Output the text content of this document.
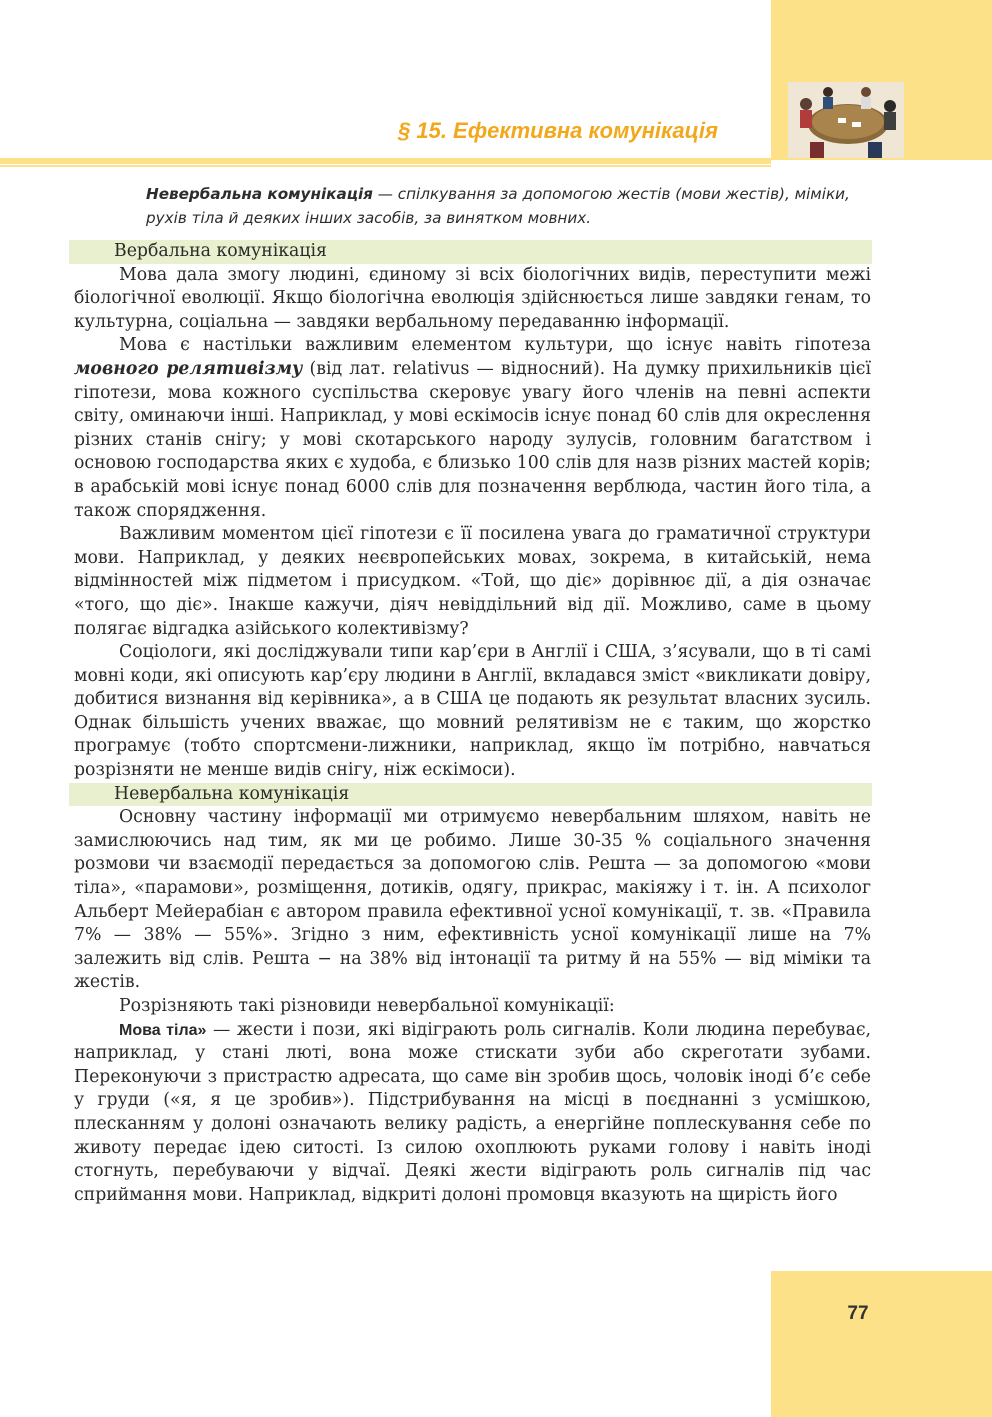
§ 15. Ефективна комунікація
Невербальна комунікація — спілкування за допомогою жестів (мови жестів), міміки, рухів тіла й деяких інших засобів, за винятком мовних.
Вербальна комунікація

Мова дала змогу людині, єдиному зі всіх біологічних видів, переступити межі біологічної еволюції. Якщо біологічна еволюція здійснюється лише завдяки генам, то культурна, соціальна — завдяки вербальному передаванню інформації.

Мова є настільки важливим елементом культури, що існує навіть гіпотеза мовного релятивізму (від лат. relativus — відносний). На думку прихильників цієї гіпотези, мова кожного суспільства скеровує увагу його членів на певні аспекти світу, оминаючи інші. Наприклад, у мові ескімосів існує понад 60 слів для окреслення різних станів снігу; у мові скотарського народу зулусів, головним багатством і основою господарства яких є худоба, є близько 100 слів для назв різних мастей корів; в арабській мові існує понад 6000 слів для позначення верблюда, частин його тіла, а також спорядження.

Важливим моментом цієї гіпотези є її посилена увага до граматичної структури мови. Наприклад, у деяких неєвропейських мовах, зокрема, в китайській, нема відмінностей між підметом і присудком. «Той, що діє» дорівнює дії, а дія означає «того, що діє». Інакше кажучи, діяч невіддільний від дії. Можливо, саме в цьому полягає відгадка азійського колективізму?

Соціологи, які досліджували типи кар’єри в Англії і США, з’ясували, що в ті самі мовні коди, які описують кар’єру людини в Англії, вкладався зміст «викликати довіру, добитися визнання від керівника», а в США це подають як результат власних зусиль. Однак більшість учених вважає, що мовний релятивізм не є таким, що жорстко програмує (тобто спортсмени-лижники, наприклад, якщо їм потрібно, навчаться розрізняти не менше видів снігу, ніж ескімоси).

Невербальна комунікація

Основну частину інформації ми отримуємо невербальним шляхом, навіть не замислюючись над тим, як ми це робимо. Лише 30-35 % соціального значення розмови чи взаємодії передається за допомогою слів. Решта — за допомогою «мови тіла», «парамови», розміщення, дотиків, одягу, прикрас, макіяжу і т. ін. А психолог Альберт Мейерабіан є автором правила ефективної усної комунікації, т. зв. «Правила 7% — 38% — 55%». Згідно з ним, ефективність усної комунікації лише на 7% залежить від слів. Решта − на 38% від інтонації та ритму й на 55% — від міміки та жестів.

Розрізняють такі різновиди невербальної комунікації:

Мова тіла» — жести і пози, які відіграють роль сигналів. Коли людина перебуває, наприклад, у стані люті, вона може стискати зуби або скреготати зубами. Переконуючи з пристрастю адресата, що саме він зробив щось, чоловік іноді б’є себе у груди («я, я це зробив»). Підстрибування на місці в поєднанні з усмішкою, плесканням у долоні означають велику радість, а енергійне поплескування себе по животу передає ідею ситості. Із силою охоплюють руками голову і навіть іноді стогнуть, перебуваючи у відчаї. Деякі жести відіграють роль сигналів під час сприймання мови. Наприклад, відкриті долоні промовця вказують на щирість його

77
